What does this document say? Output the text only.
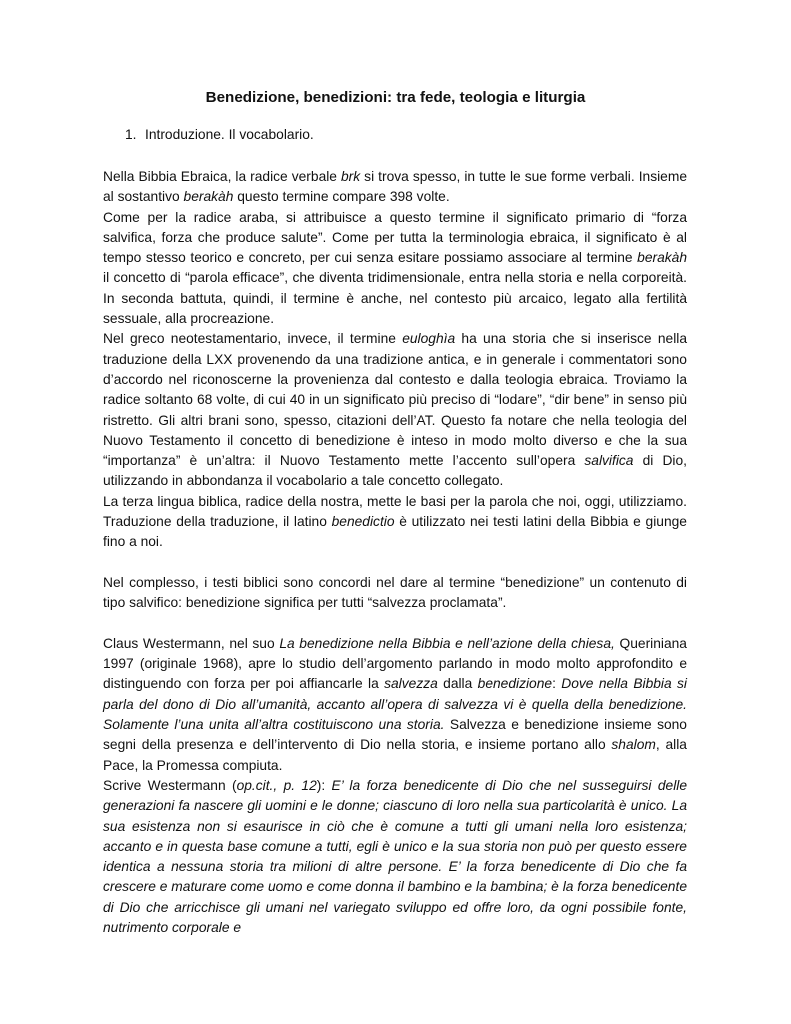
Benedizione, benedizioni: tra fede, teologia e liturgia
1. Introduzione. Il vocabolario.

Nella Bibbia Ebraica, la radice verbale brk si trova spesso, in tutte le sue forme verbali. Insieme al sostantivo berakàh questo termine compare 398 volte.

Come per la radice araba, si attribuisce a questo termine il significato primario di “forza salvifica, forza che produce salute”. Come per tutta la terminologia ebraica, il significato è al tempo stesso teorico e concreto, per cui senza esitare possiamo associare al termine berakàh il concetto di “parola efficace”, che diventa tridimensionale, entra nella storia e nella corporeità. In seconda battuta, quindi, il termine è anche, nel contesto più arcaico, legato alla fertilità sessuale, alla procreazione.

Nel greco neotestamentario, invece, il termine euloghìa ha una storia che si inserisce nella traduzione della LXX provenendo da una tradizione antica, e in generale i commentatori sono d’accordo nel riconoscerne la provenienza dal contesto e dalla teologia ebraica. Troviamo la radice soltanto 68 volte, di cui 40 in un significato più preciso di “lodare”, “dir bene” in senso più ristretto. Gli altri brani sono, spesso, citazioni dell’AT. Questo fa notare che nella teologia del Nuovo Testamento il concetto di benedizione è inteso in modo molto diverso e che la sua “importanza” è un’altra: il Nuovo Testamento mette l’accento sull’opera salvifica di Dio, utilizzando in abbondanza il vocabolario a tale concetto collegato.

La terza lingua biblica, radice della nostra, mette le basi per la parola che noi, oggi, utilizziamo. Traduzione della traduzione, il latino benedictio è utilizzato nei testi latini della Bibbia e giunge fino a noi.

Nel complesso, i testi biblici sono concordi nel dare al termine “benedizione” un contenuto di tipo salvifico: benedizione significa per tutti “salvezza proclamata”.

Claus Westermann, nel suo La benedizione nella Bibbia e nell’azione della chiesa, Queriniana 1997 (originale 1968), apre lo studio dell’argomento parlando in modo molto approfondito e distinguendo con forza per poi affiancarle la salvezza dalla benedizione: Dove nella Bibbia si parla del dono di Dio all’umanità, accanto all’opera di salvezza vi è quella della benedizione. Solamente l’una unita all’altra costituiscono una storia. Salvezza e benedizione insieme sono segni della presenza e dell’intervento di Dio nella storia, e insieme portano allo shalom, alla Pace, la Promessa compiuta.

Scrive Westermann (op.cit., p. 12): E’ la forza benedicente di Dio che nel susseguirsi delle generazioni fa nascere gli uomini e le donne; ciascuno di loro nella sua particolarità è unico. La sua esistenza non si esaurisce in ciò che è comune a tutti gli umani nella loro esistenza; accanto e in questa base comune a tutti, egli è unico e la sua storia non può per questo essere identica a nessuna storia tra milioni di altre persone. E’ la forza benedicente di Dio che fa crescere e maturare come uomo e come donna il bambino e la bambina; è la forza benedicente di Dio che arricchisce gli umani nel variegato sviluppo ed offre loro, da ogni possibile fonte, nutrimento corporale e
